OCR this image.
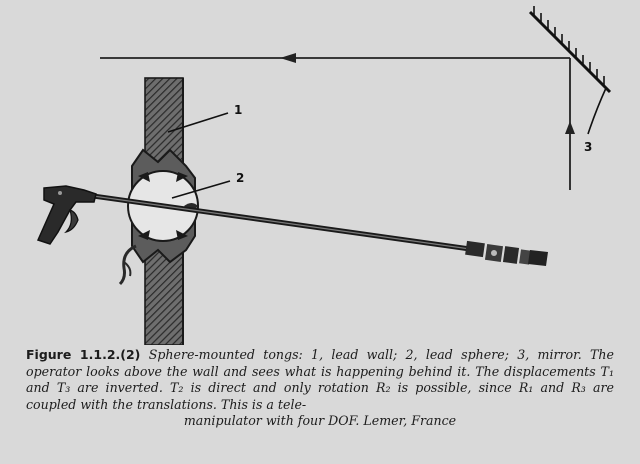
1
2
3
Figure 1.1.2.(2) Sphere-mounted tongs: 1, lead wall; 2, lead sphere; 3, mirror. The operator looks above the wall and sees what is happening behind it. The displacements T₁ and T₃ are inverted. T₂ is direct and only rotation R₂ is possible, since R₁ and R₃ are coupled with the translations. This is a tele-
manipulator with four DOF. Lemer, France
